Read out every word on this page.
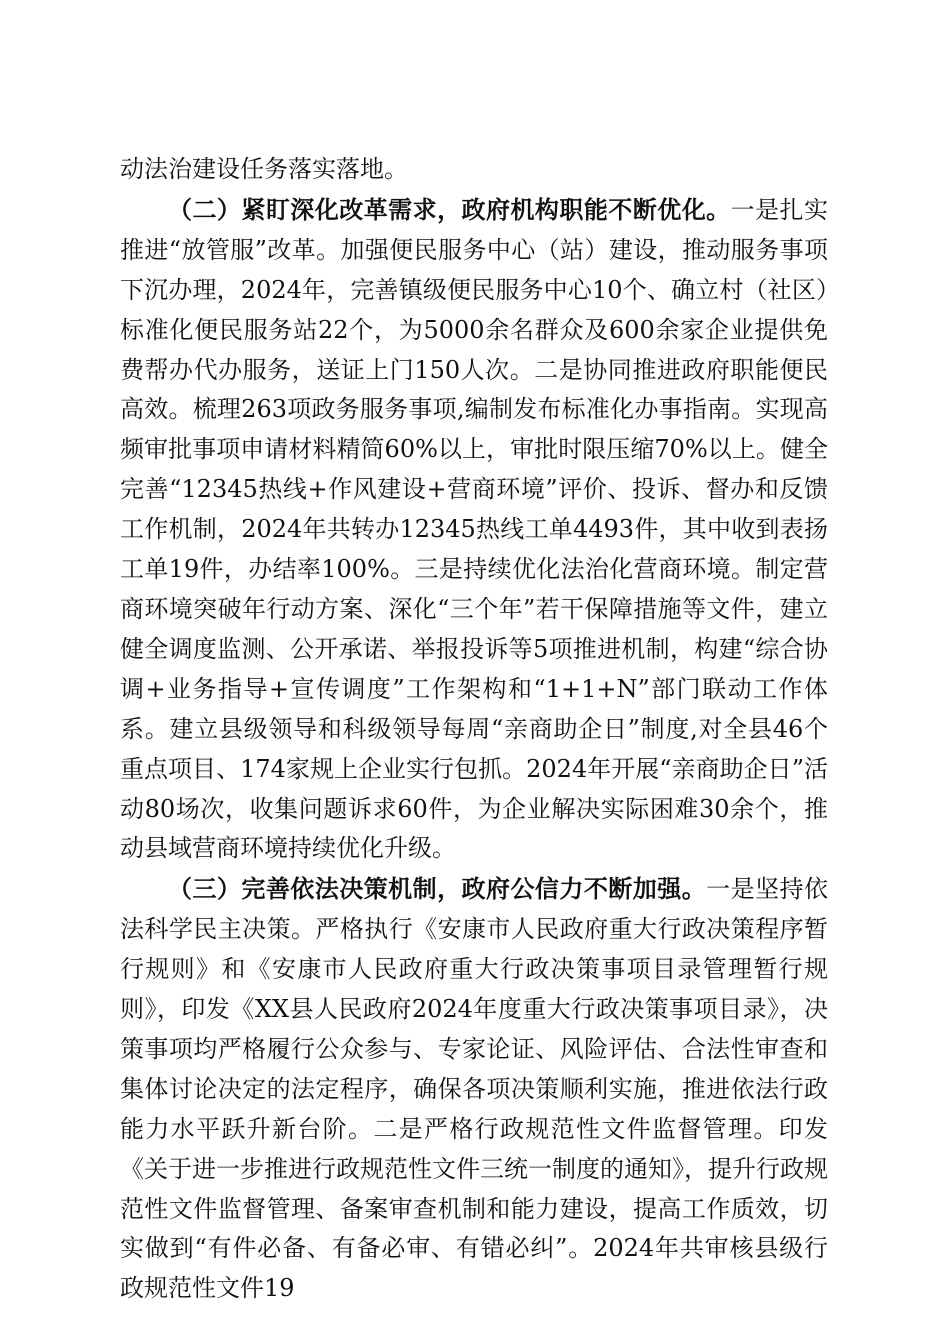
动法治建设任务落实落地。

（二）紧盯深化改革需求，政府机构职能不断优化。一是扎实推进“放管服”改革。加强便民服务中心（站）建设，推动服务事项下沉办理，2024年，完善镇级便民服务中心10个、确立村（社区）标准化便民服务站22个，为5000余名群众及600余家企业提供免费帮办代办服务，送证上门150人次。二是协同推进政府职能便民高效。梳理263项政务服务事项,编制发布标准化办事指南。实现高频审批事项申请材料精简60%以上，审批时限压缩70%以上。健全完善“12345热线+作风建设+营商环境”评价、投诉、督办和反馈工作机制，2024年共转办12345热线工单4493件，其中收到表扬工单19件，办结率100%。三是持续优化法治化营商环境。制定营商环境突破年行动方案、深化“三个年”若干保障措施等文件，建立健全调度监测、公开承诺、举报投诉等5项推进机制，构建“综合协调+业务指导+宣传调度”工作架构和“1+1+N”部门联动工作体系。建立县级领导和科级领导每周“亲商助企日”制度,对全县46个重点项目、174家规上企业实行包抓。2024年开展“亲商助企日”活动80场次，收集问题诉求60件，为企业解决实际困难30余个，推动县域营商环境持续优化升级。

（三）完善依法决策机制，政府公信力不断加强。一是坚持依法科学民主决策。严格执行《安康市人民政府重大行政决策程序暂行规则》和《安康市人民政府重大行政决策事项目录管理暂行规则》，印发《XX县人民政府2024年度重大行政决策事项目录》，决策事项均严格履行公众参与、专家论证、风险评估、合法性审查和集体讨论决定的法定程序，确保各项决策顺利实施，推进依法行政能力水平跃升新台阶。二是严格行政规范性文件监督管理。印发《关于进一步推进行政规范性文件三统一制度的通知》，提升行政规范性文件监督管理、备案审查机制和能力建设，提高工作质效，切实做到“有件必备、有备必审、有错必纠”。2024年共审核县级行政规范性文件19
